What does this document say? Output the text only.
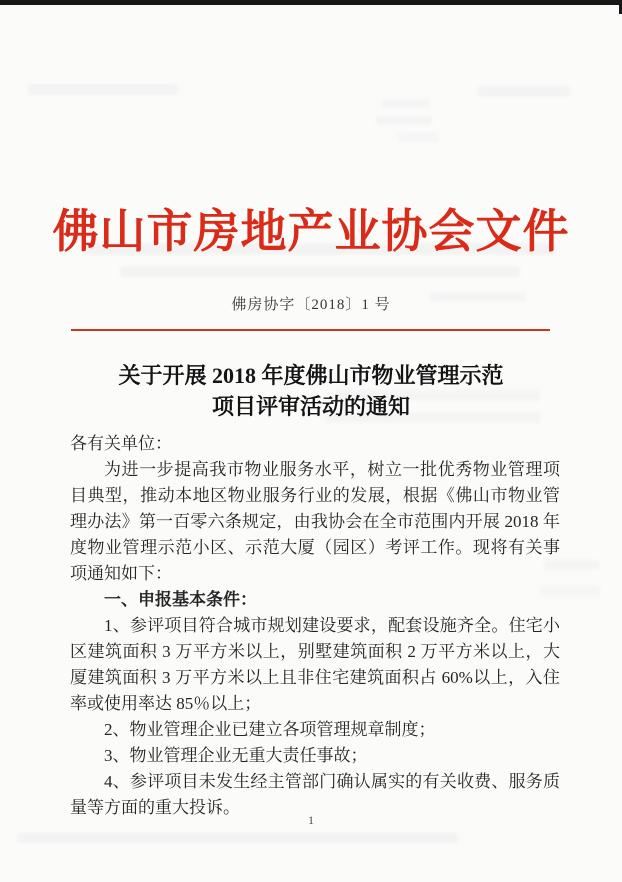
佛山市房地产业协会文件
佛房协字〔2018〕1 号
关于开展 2018 年度佛山市物业管理示范
项目评审活动的通知

各有关单位：

为进一步提高我市物业服务水平，树立一批优秀物业管理项目典型，推动本地区物业服务行业的发展，根据《佛山市物业管理办法》第一百零六条规定，由我协会在全市范围内开展 2018 年度物业管理示范小区、示范大厦（园区）考评工作。现将有关事项通知如下：

一、申报基本条件：

1、参评项目符合城市规划建设要求，配套设施齐全。住宅小区建筑面积 3 万平方米以上，别墅建筑面积 2 万平方米以上，大厦建筑面积 3 万平方米以上且非住宅建筑面积占 60%以上，入住率或使用率达 85％以上；

2、物业管理企业已建立各项管理规章制度；

3、物业管理企业无重大责任事故；

4、参评项目未发生经主管部门确认属实的有关收费、服务质量等方面的重大投诉。

1
